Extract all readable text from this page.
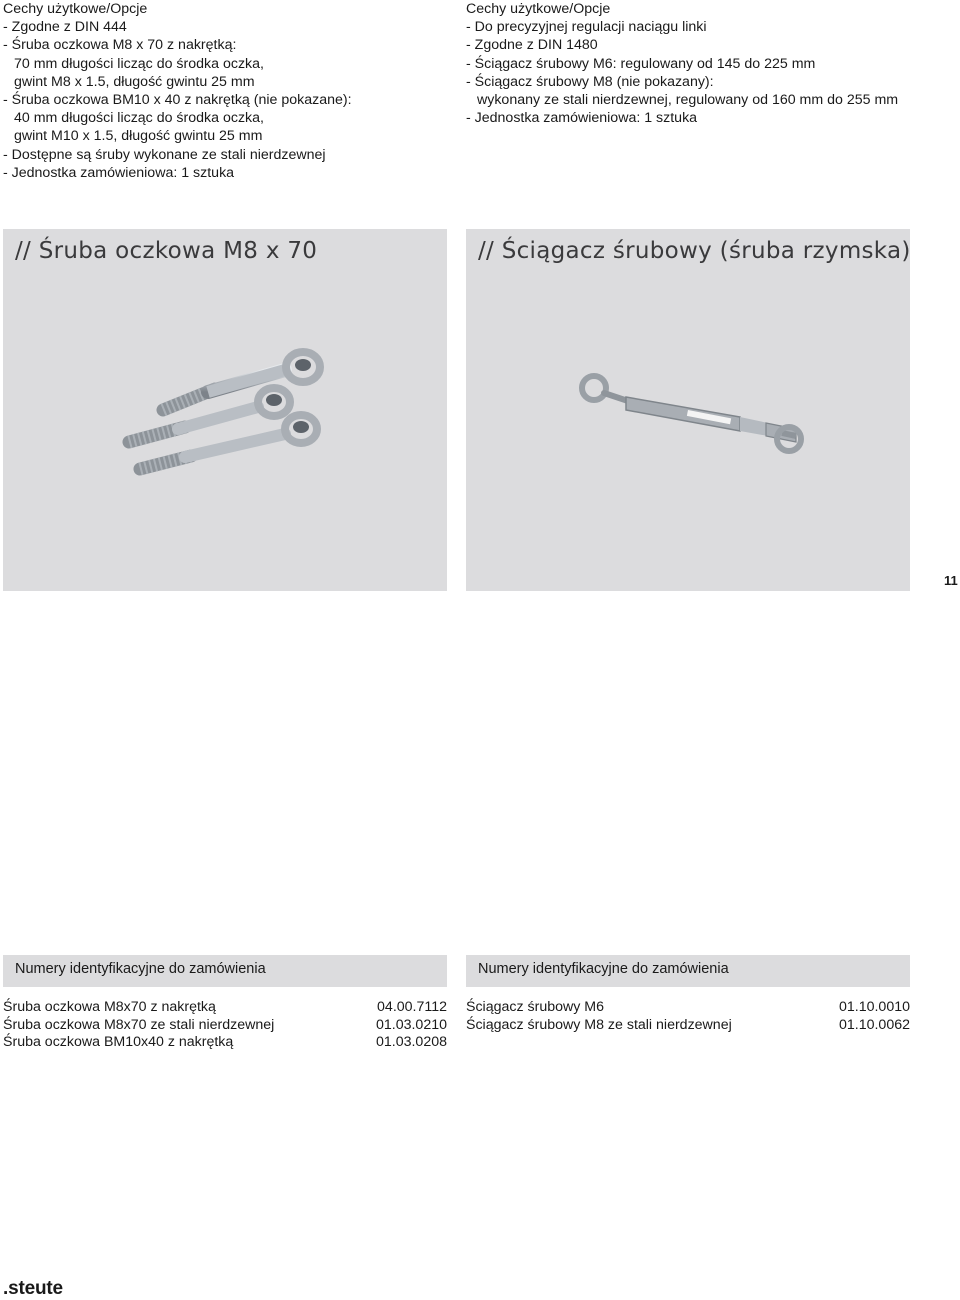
Cechy użytkowe/Opcje
- Zgodne z DIN 444
- Śruba oczkowa M8 x 70 z nakrętką:
70 mm długości licząc do środka oczka,
gwint M8 x 1.5, długość gwintu 25 mm
- Śruba oczkowa BM10 x 40 z nakrętką (nie pokazane):
40 mm długości licząc do środka oczka,
gwint M10 x 1.5, długość gwintu 25 mm
- Dostępne są śruby wykonane ze stali nierdzewnej
- Jednostka zamówieniowa: 1 sztuka
Cechy użytkowe/Opcje
- Do precyzyjnej regulacji naciągu linki
- Zgodne z DIN 1480
- Ściągacz śrubowy M6: regulowany od 145 do 225 mm
- Ściągacz śrubowy M8 (nie pokazany):
wykonany ze stali nierdzewnej, regulowany od 160 mm do 255 mm
- Jednostka zamówieniowa: 1 sztuka
// Śruba oczkowa M8 x 70	// Ściągacz śrubowy (śruba rzymska)
11
Numery identyfikacyjne do zamówienia
Śruba oczkowa M8x70 z nakrętką	04.00.7112
Śruba oczkowa M8x70 ze stali nierdzewnej	01.03.0210
Śruba oczkowa BM10x40 z nakrętką	01.03.0208
Numery identyfikacyjne do zamówienia
Ściągacz śrubowy M6	01.10.0010
Ściągacz śrubowy M8 ze stali nierdzewnej	01.10.0062
.steute
